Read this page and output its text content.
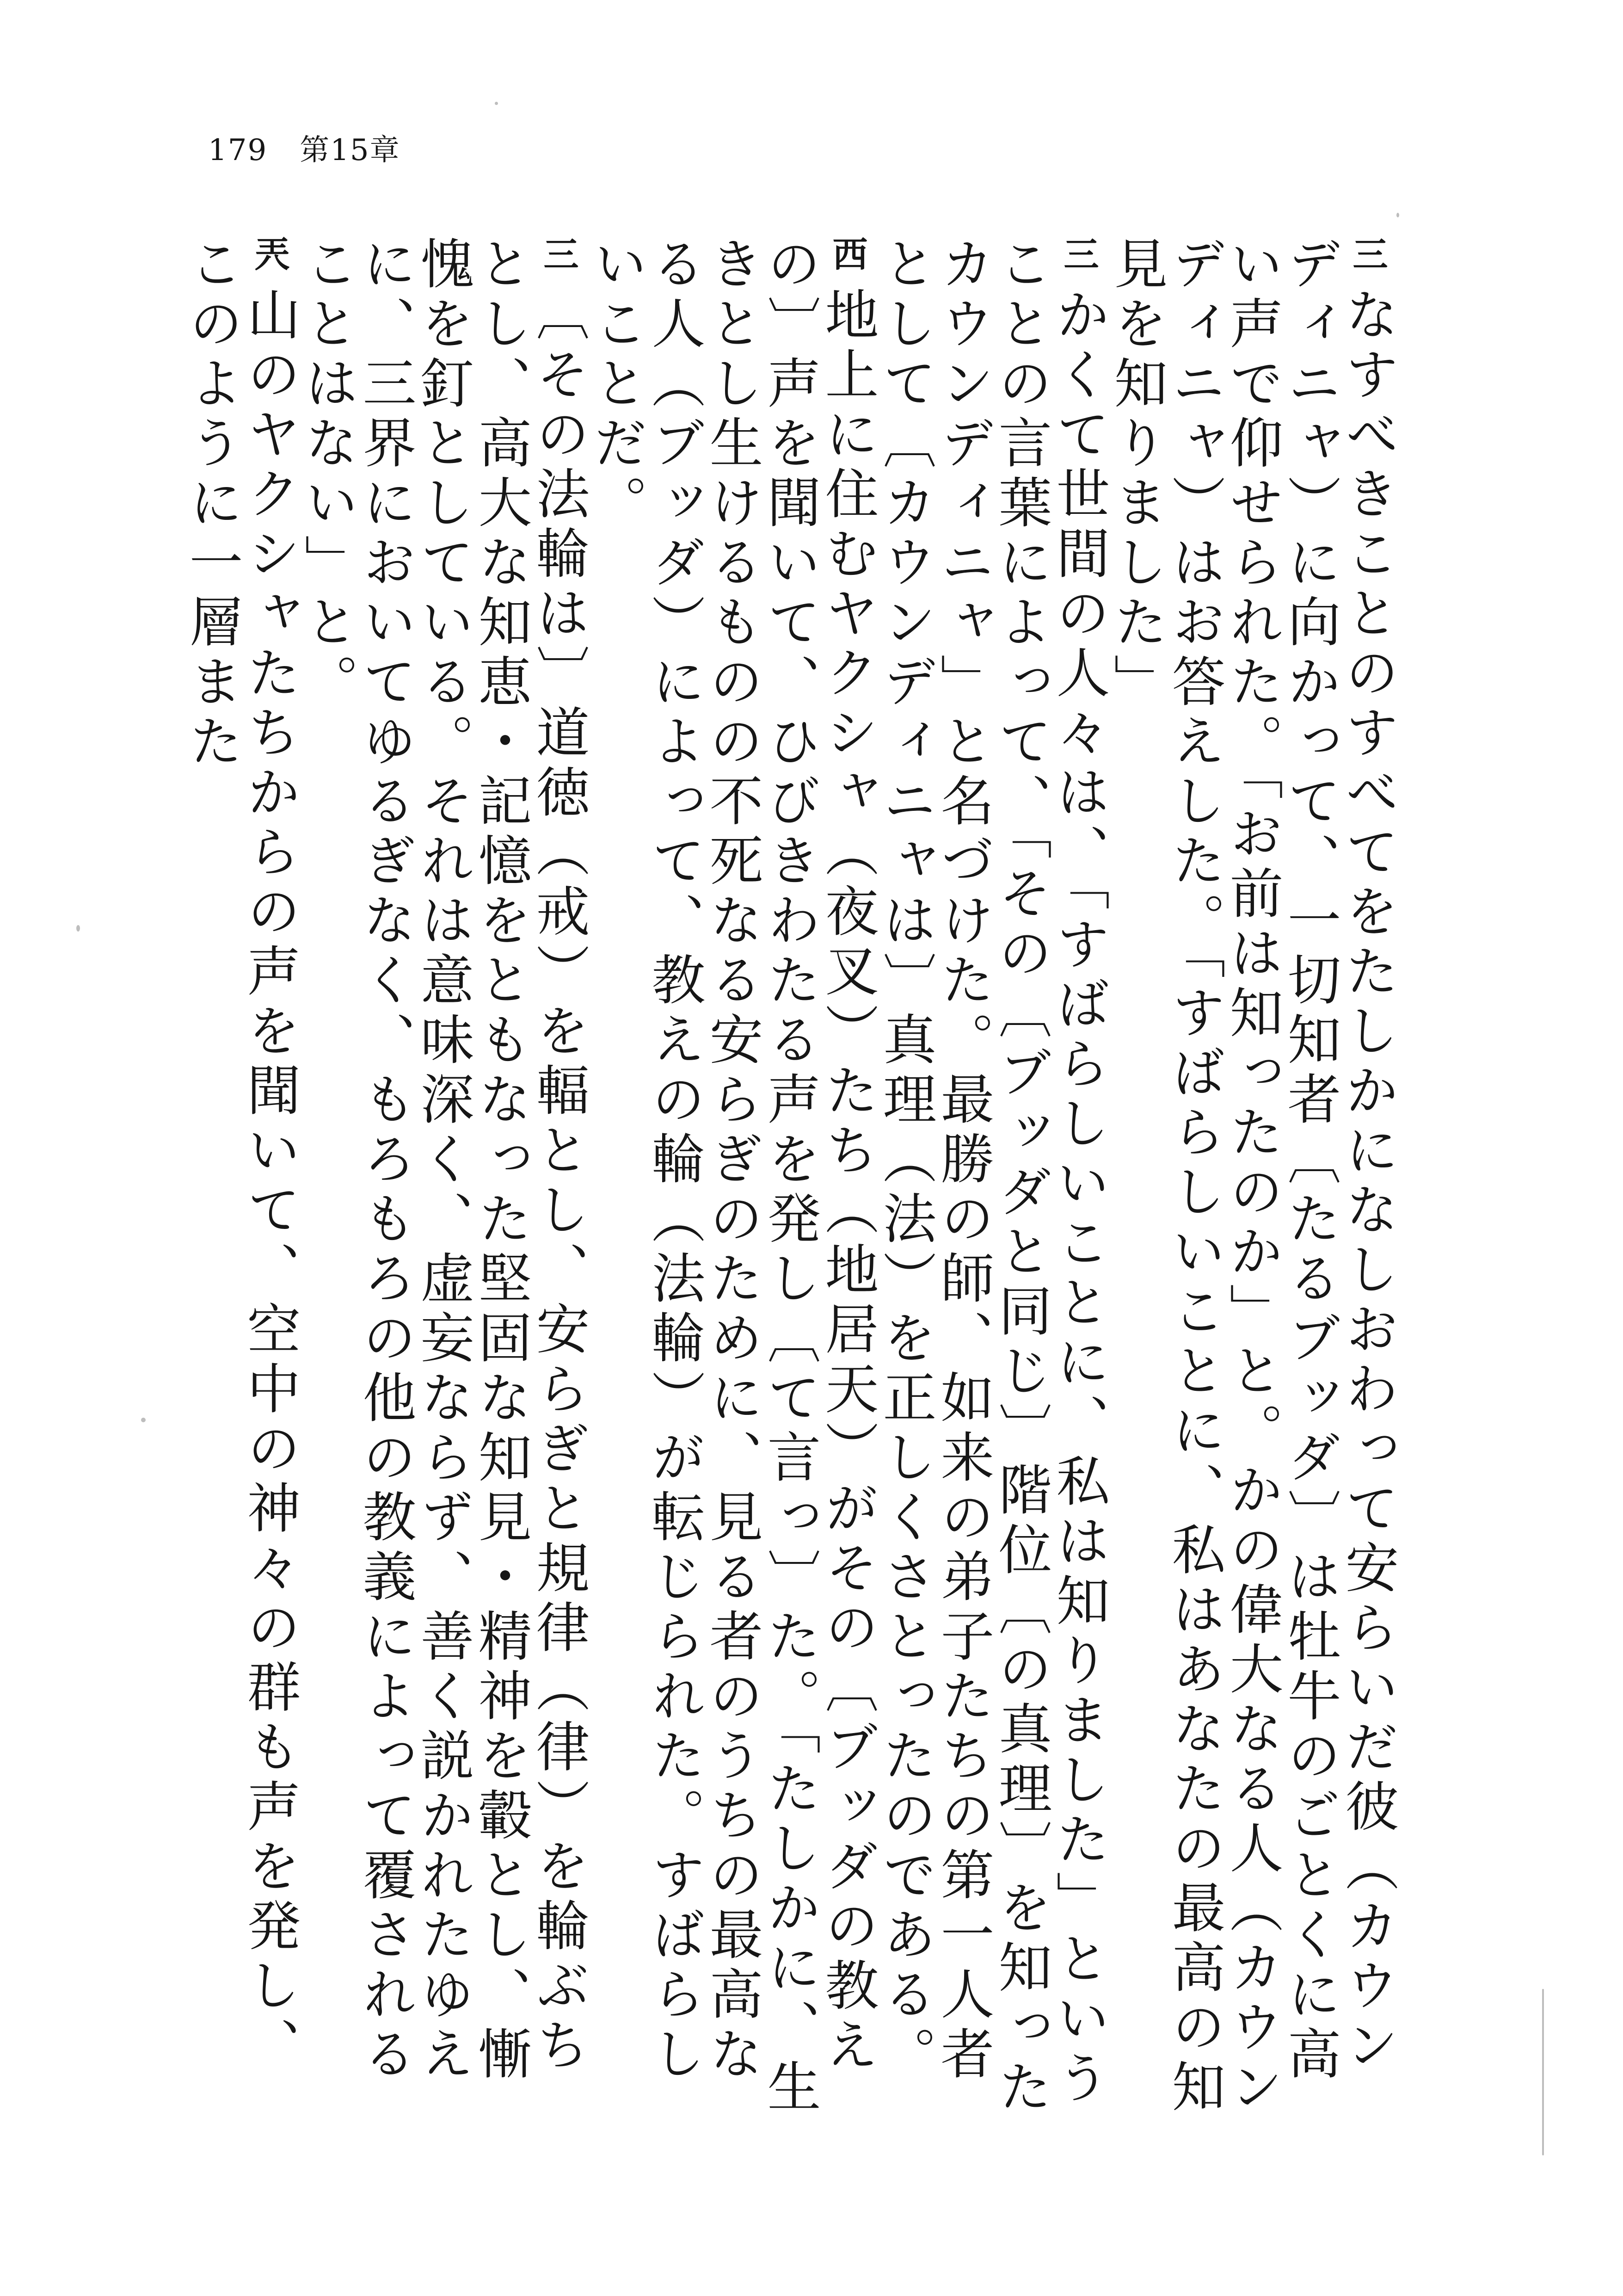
179 第15章

三なすべきことのすべてをたしかになしおわって安らいだ彼（カウンディニャ）に向かって、一切知者〔たるブッダ〕は牡牛のごとくに高い声で仰せられた。「お前は知ったのか」と。かの偉大なる人（カウンディニャ）はお答えした。「すばらしいことに、私はあなたの最高の知見を知りました」

三かくて世間の人々は、「すばらしいことに、私は知りました」ということの言葉によって、「その〔ブッダと同じ〕階位〔の真理〕を知ったカウンディニャ」と名づけた。最勝の師、如来の弟子たちの第一人者として〔カウンディニャは〕真理（法）を正しくさとったのである。

西地上に住むヤクシャ（夜叉）たち（地居天）がその〔ブッダの教えの〕声を聞いて、ひびきわたる声を発し〔て言っ〕た。「たしかに、生きとし生けるものの不死なる安らぎのために、見る者のうちの最高なる人（ブッダ）によって、教えの輪（法輪）が転じられた。すばらしいことだ。

三〔その法輪は〕道徳（戒）を輻とし、安らぎと規律（律）を輪ぶちとし、高大な知恵・記憶をともなった堅固な知見・精神を轂とし、慚愧を釘としている。それは意味深く、虚妄ならず、善く説かれたゆえに、三界においてゆるぎなく、もろもろの他の教義によって覆されることはない」と。

兲山のヤクシャたちからの声を聞いて、空中の神々の群も声を発し、このように一層また
